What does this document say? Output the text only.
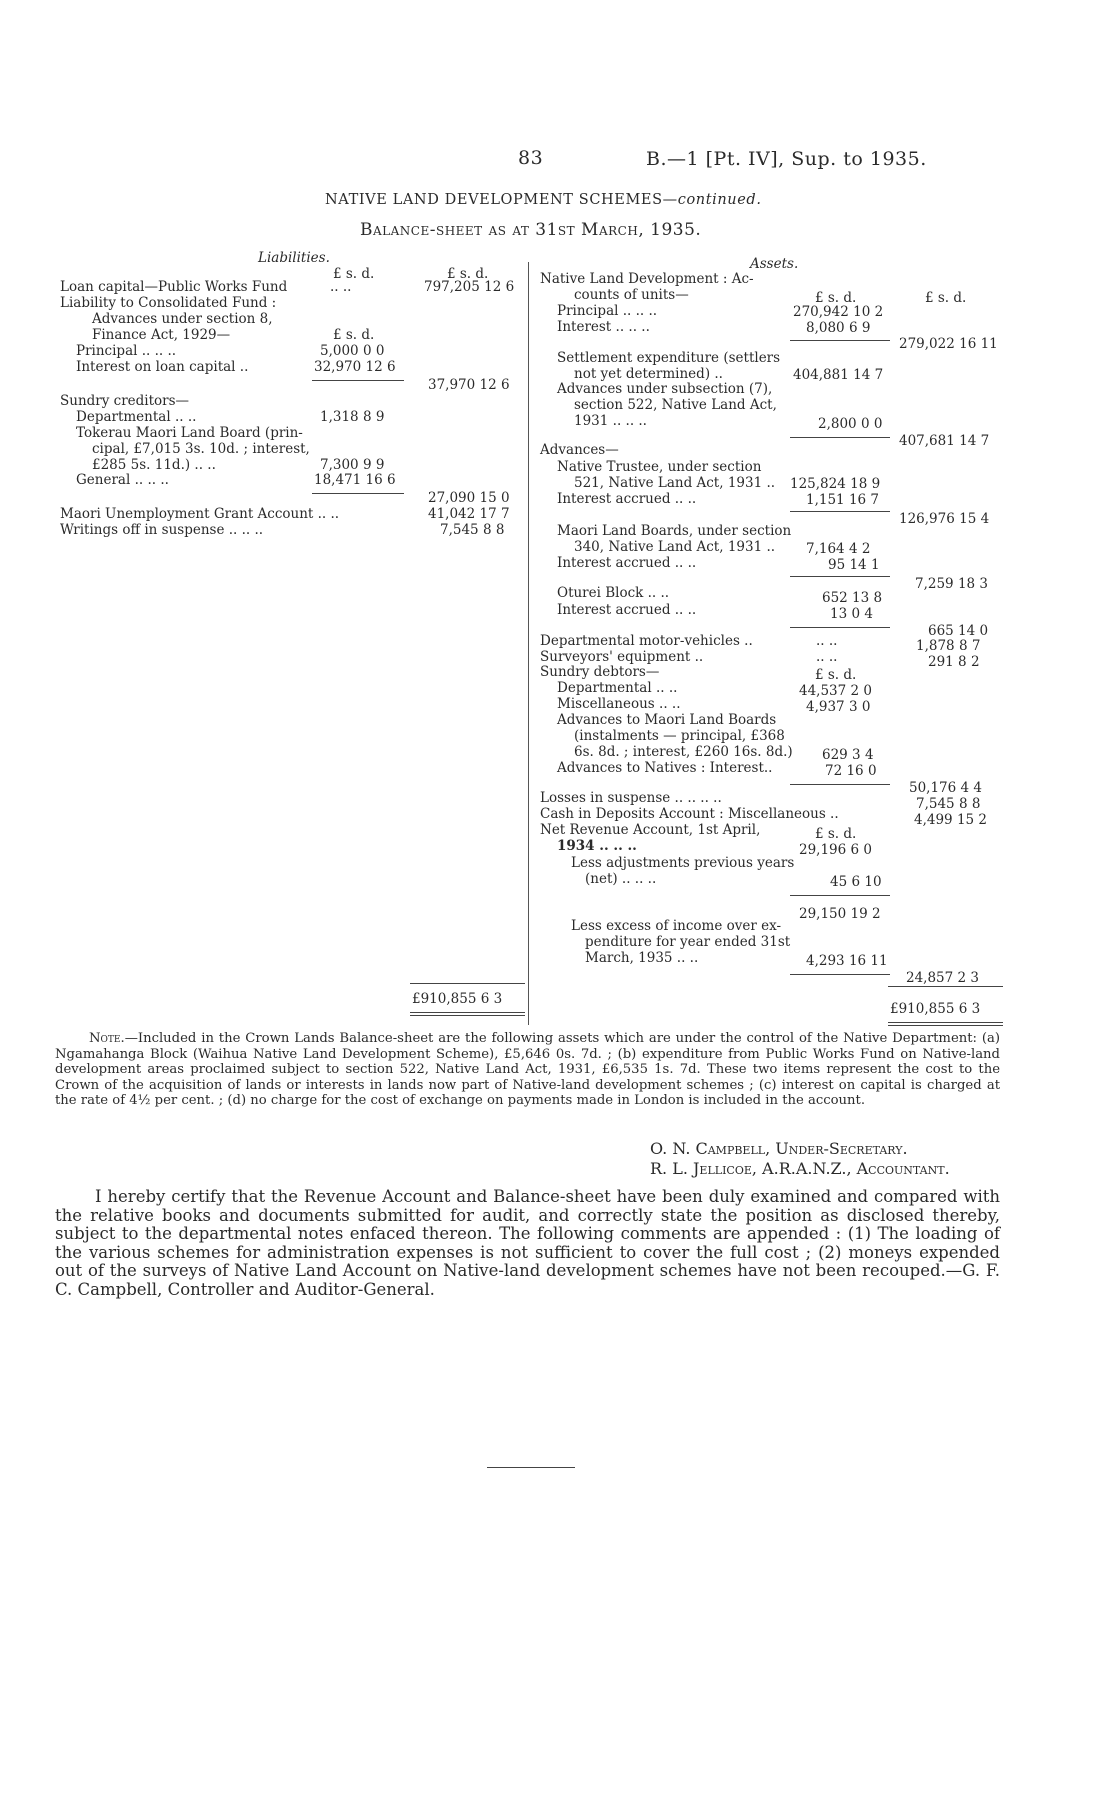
83	B.—1 [Pt. IV], Sup. to 1935.
NATIVE LAND DEVELOPMENT SCHEMES—continued.
Balance-sheet as at 31st March, 1935.
Liabilities.
£ s. d.	£ s. d.
Loan capital—Public Works Fund	.. ..	797,205 12 6
Liability to Consolidated Fund :
Advances under section 8,
Finance Act, 1929—	£ s. d.
Principal .. .. ..	5,000 0 0
Interest on loan capital ..	32,970 12 6
37,970 12 6
Sundry creditors—
Departmental .. ..	1,318 8 9
Tokerau Maori Land Board (prin-
cipal, £7,015 3s. 10d. ; interest,
£285 5s. 11d.) .. ..	7,300 9 9
General .. .. ..	18,471 16 6
27,090 15 0
Maori Unemployment Grant Account .. ..	41,042 17 7
Writings off in suspense .. .. ..	7,545 8 8
£910,855 6 3
Assets.
Native Land Development : Ac-
counts of units—	£ s. d.	£ s. d.
Principal .. .. ..	270,942 10 2
Interest .. .. ..	8,080 6 9
279,022 16 11
Settlement expenditure (settlers
not yet determined) ..	404,881 14 7
Advances under subsection (7),
section 522, Native Land Act,
1931 .. .. ..	2,800 0 0
407,681 14 7
Advances—
Native Trustee, under section
521, Native Land Act, 1931 .. 125,824 18 9
Interest accrued .. ..	1,151 16 7
126,976 15 4
Maori Land Boards, under section
340, Native Land Act, 1931 .. 7,164 4 2
Interest accrued .. ..	95 14 1
7,259 18 3
Oturei Block .. ..	652 13 8
Interest accrued .. ..	13 0 4
665 14 0
Departmental motor-vehicles ..	.. ..	1,878 8 7
Surveyors' equipment ..	.. ..	291 8 2
Sundry debtors—	£ s. d.
Departmental .. ..	44,537 2 0
Miscellaneous .. ..	4,937 3 0
Advances to Maori Land Boards
(instalments — principal, £368
6s. 8d. ; interest, £260 16s. 8d.) 629 3 4
Advances to Natives : Interest..	72 16 0
50,176 4 4
Losses in suspense .. .. .. ..	7,545 8 8
Cash in Deposits Account : Miscellaneous ..	4,499 15 2
Net Revenue Account, 1st April,	£ s. d.
1934 .. .. ..	29,196 6 0
Less adjustments previous years
(net) .. .. ..	45 6 10
29,150 19 2
Less excess of income over ex-
penditure for year ended 31st
March, 1935 .. ..	4,293 16 11
24,857 2 3
£910,855 6 3
Note.—Included in the Crown Lands Balance-sheet are the following assets which are under the control of the Native Department: (a) Ngamahanga Block (Waihua Native Land Development Scheme), £5,646 0s. 7d. ; (b) expenditure from Public Works Fund on Native-land development areas proclaimed subject to section 522, Native Land Act, 1931, £6,535 1s. 7d. These two items represent the cost to the Crown of the acquisition of lands or interests in lands now part of Native-land development schemes ; (c) interest on capital is charged at the rate of 4½ per cent. ; (d) no charge for the cost of exchange on payments made in London is included in the account.
O. N. Campbell, Under-Secretary.
R. L. Jellicoe, A.R.A.N.Z., Accountant.
I hereby certify that the Revenue Account and Balance-sheet have been duly examined and compared with the relative books and documents submitted for audit, and correctly state the position as disclosed thereby, subject to the departmental notes enfaced thereon. The following comments are appended : (1) The loading of the various schemes for administration expenses is not sufficient to cover the full cost ; (2) moneys expended out of the surveys of Native Land Account on Native-land development schemes have not been recouped.—G. F. C. Campbell, Controller and Auditor-General.
